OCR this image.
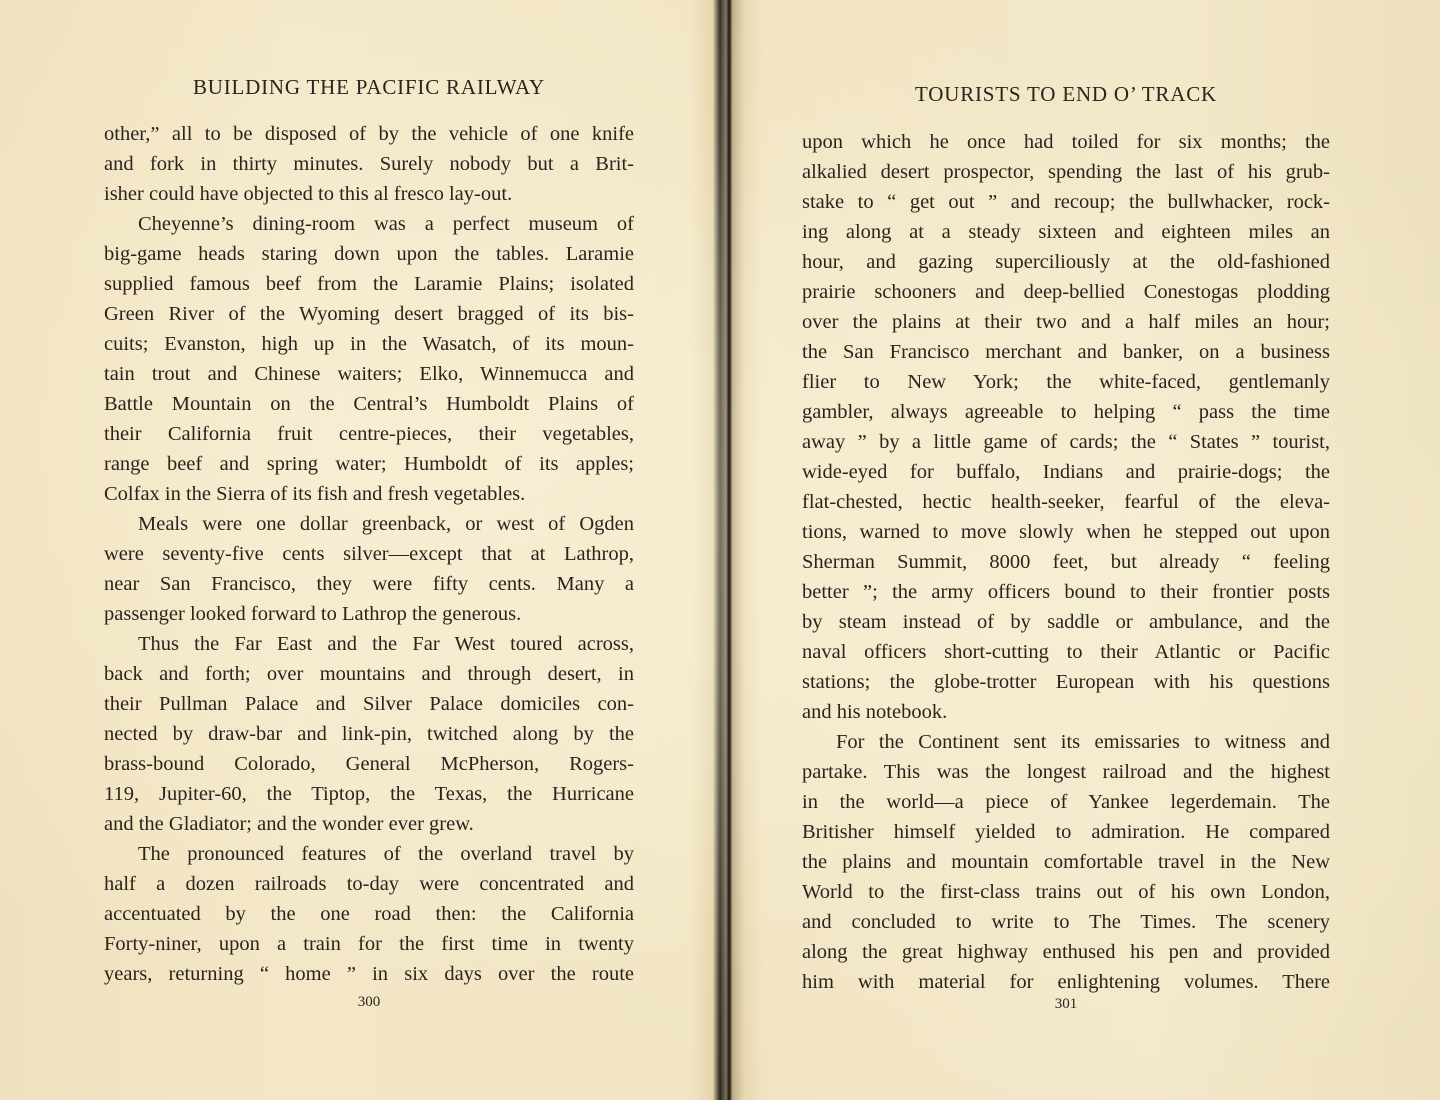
BUILDING THE PACIFIC RAILWAY
other,” all to be disposed of by the vehicle of one knife
and fork in thirty minutes. Surely nobody but a Brit-
isher could have objected to this al fresco lay-out.
Cheyenne’s dining-room was a perfect museum of
big-game heads staring down upon the tables. Laramie
supplied famous beef from the Laramie Plains; isolated
Green River of the Wyoming desert bragged of its bis-
cuits; Evanston, high up in the Wasatch, of its moun-
tain trout and Chinese waiters; Elko, Winnemucca and
Battle Mountain on the Central’s Humboldt Plains of
their California fruit centre-pieces, their vegetables,
range beef and spring water; Humboldt of its apples;
Colfax in the Sierra of its fish and fresh vegetables.
Meals were one dollar greenback, or west of Ogden
were seventy-five cents silver—except that at Lathrop,
near San Francisco, they were fifty cents. Many a
passenger looked forward to Lathrop the generous.
Thus the Far East and the Far West toured across,
back and forth; over mountains and through desert, in
their Pullman Palace and Silver Palace domiciles con-
nected by draw-bar and link-pin, twitched along by the
brass-bound Colorado, General McPherson, Rogers-
119, Jupiter-60, the Tiptop, the Texas, the Hurricane
and the Gladiator; and the wonder ever grew.
The pronounced features of the overland travel by
half a dozen railroads to-day were concentrated and
accentuated by the one road then: the California
Forty-niner, upon a train for the first time in twenty
years, returning “ home ” in six days over the route
300
TOURISTS TO END O’ TRACK
upon which he once had toiled for six months; the
alkalied desert prospector, spending the last of his grub-
stake to “ get out ” and recoup; the bullwhacker, rock-
ing along at a steady sixteen and eighteen miles an
hour, and gazing superciliously at the old-fashioned
prairie schooners and deep-bellied Conestogas plodding
over the plains at their two and a half miles an hour;
the San Francisco merchant and banker, on a business
flier to New York; the white-faced, gentlemanly
gambler, always agreeable to helping “ pass the time
away ” by a little game of cards; the “ States ” tourist,
wide-eyed for buffalo, Indians and prairie-dogs; the
flat-chested, hectic health-seeker, fearful of the eleva-
tions, warned to move slowly when he stepped out upon
Sherman Summit, 8000 feet, but already “ feeling
better ”; the army officers bound to their frontier posts
by steam instead of by saddle or ambulance, and the
naval officers short-cutting to their Atlantic or Pacific
stations; the globe-trotter European with his questions
and his notebook.
For the Continent sent its emissaries to witness and
partake. This was the longest railroad and the highest
in the world—a piece of Yankee legerdemain. The
Britisher himself yielded to admiration. He compared
the plains and mountain comfortable travel in the New
World to the first-class trains out of his own London,
and concluded to write to The Times. The scenery
along the great highway enthused his pen and provided
him with material for enlightening volumes. There
301
